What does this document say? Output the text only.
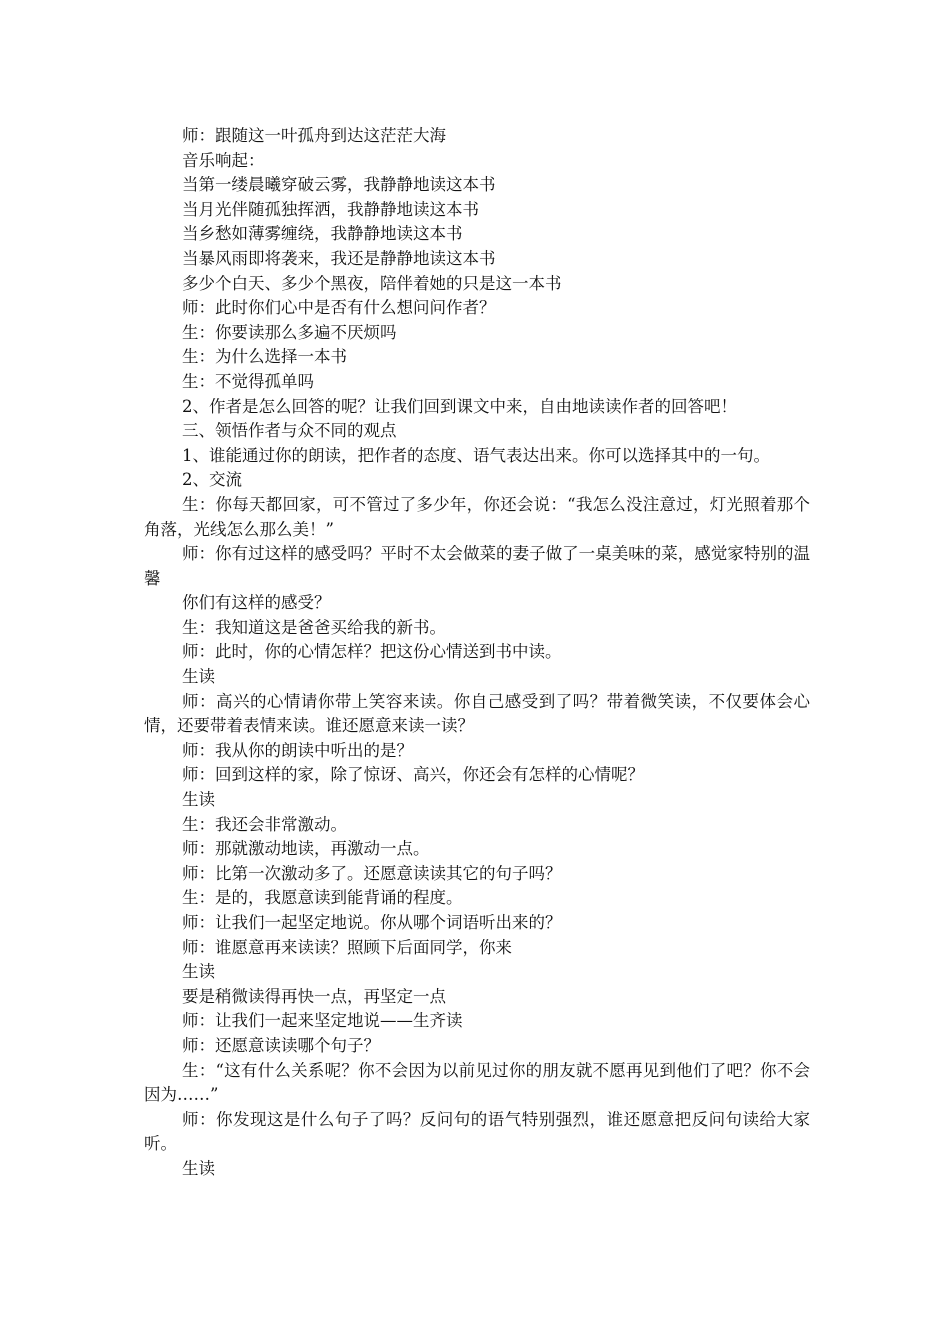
师：跟随这一叶孤舟到达这茫茫大海

音乐响起：

当第一缕晨曦穿破云雾，我静静地读这本书

当月光伴随孤独挥洒，我静静地读这本书

当乡愁如薄雾缠绕，我静静地读这本书

当暴风雨即将袭来，我还是静静地读这本书

多少个白天、多少个黑夜，陪伴着她的只是这一本书

师：此时你们心中是否有什么想问问作者？

生：你要读那么多遍不厌烦吗

生：为什么选择一本书

生：不觉得孤单吗

2、作者是怎么回答的呢？让我们回到课文中来，自由地读读作者的回答吧！

三、领悟作者与众不同的观点

1、谁能通过你的朗读，把作者的态度、语气表达出来。你可以选择其中的一句。

2、交流

生：你每天都回家，可不管过了多少年，你还会说：“我怎么没注意过，灯光照着那个角落，光线怎么那么美！”

师：你有过这样的感受吗？平时不太会做菜的妻子做了一桌美味的菜，感觉家特别的温馨

你们有这样的感受？

生：我知道这是爸爸买给我的新书。

师：此时，你的心情怎样？把这份心情送到书中读。

生读

师：高兴的心情请你带上笑容来读。你自己感受到了吗？带着微笑读，不仅要体会心情，还要带着表情来读。谁还愿意来读一读？

师：我从你的朗读中听出的是？

师：回到这样的家，除了惊讶、高兴，你还会有怎样的心情呢？

生读

生：我还会非常激动。

师：那就激动地读，再激动一点。

师：比第一次激动多了。还愿意读读其它的句子吗？

生：是的，我愿意读到能背诵的程度。

师：让我们一起坚定地说。你从哪个词语听出来的？

师：谁愿意再来读读？照顾下后面同学，你来

生读

要是稍微读得再快一点，再坚定一点

师：让我们一起来坚定地说——生齐读

师：还愿意读读哪个句子？

生：“这有什么关系呢？你不会因为以前见过你的朋友就不愿再见到他们了吧？你不会因为……”

师：你发现这是什么句子了吗？反问句的语气特别强烈，谁还愿意把反问句读给大家听。

生读
